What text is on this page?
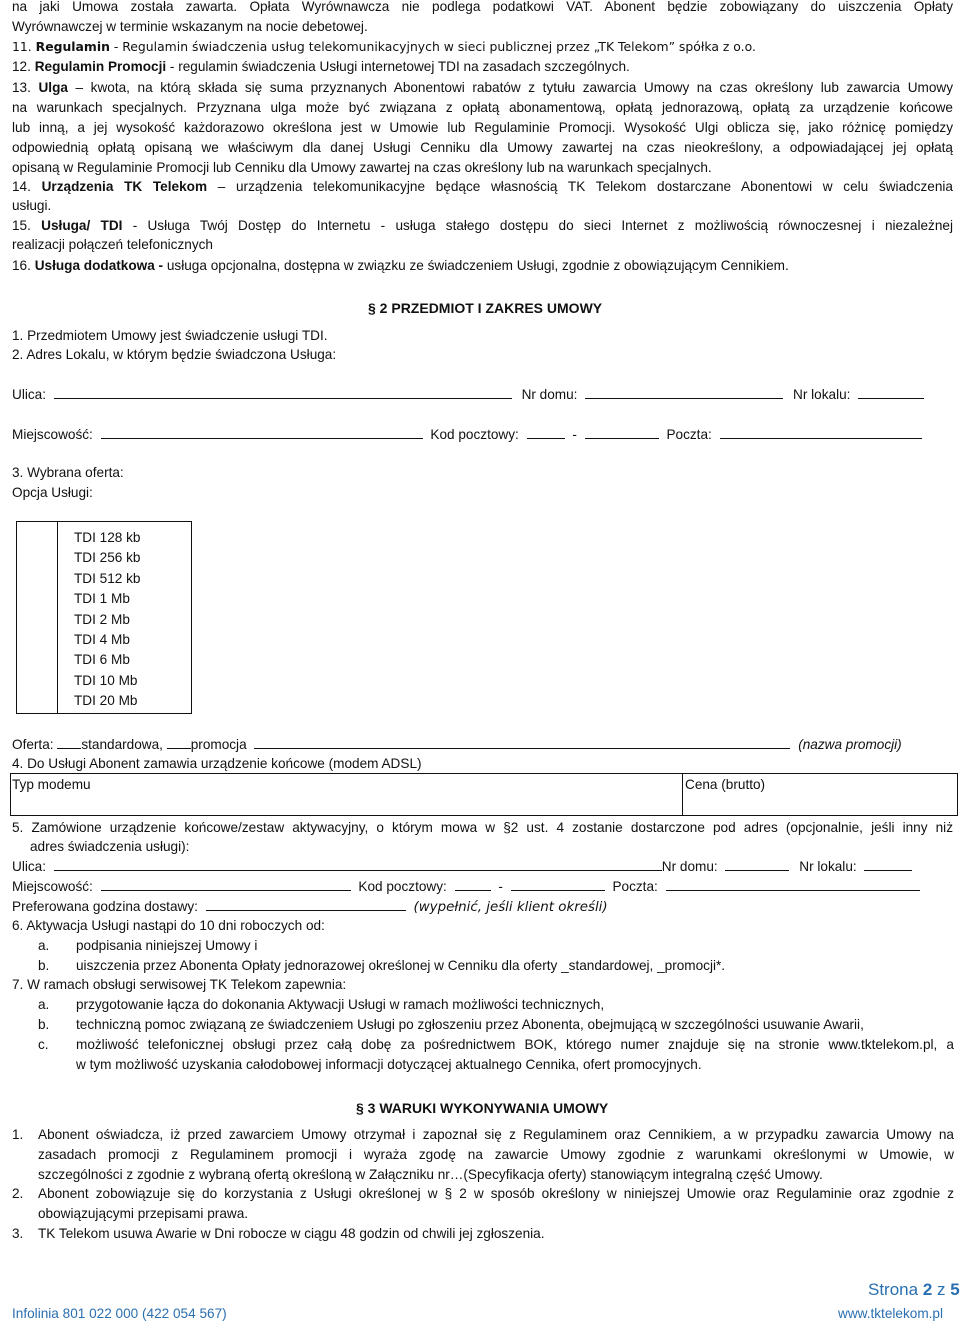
na jaki Umowa została zawarta. Opłata Wyrównawcza nie podlega podatkowi VAT. Abonent będzie zobowiązany do uiszczenia Opłaty
Wyrównawczej w terminie wskazanym na nocie debetowej.
11. Regulamin - Regulamin świadczenia usług telekomunikacyjnych w sieci publicznej przez „TK Telekom” spółka z o.o.
12. Regulamin Promocji - regulamin świadczenia Usługi internetowej TDI na zasadach szczególnych.
13. Ulga – kwota, na którą składa się suma przyznanych Abonentowi rabatów z tytułu zawarcia Umowy na czas określony lub zawarcia Umowy
na warunkach specjalnych. Przyznana ulga może być związana z opłatą abonamentową, opłatą jednorazową, opłatą za urządzenie końcowe
lub inną, a jej wysokość każdorazowo określona jest w Umowie lub Regulaminie Promocji. Wysokość Ulgi oblicza się, jako różnicę pomiędzy
odpowiednią opłatą opisaną we właściwym dla danej Usługi Cenniku dla Umowy zawartej na czas nieokreślony, a odpowiadającej jej opłatą
opisaną w Regulaminie Promocji lub Cenniku dla Umowy zawartej na czas określony lub na warunkach specjalnych.
14. Urządzenia TK Telekom – urządzenia telekomunikacyjne będące własnością TK Telekom dostarczane Abonentowi w celu świadczenia
usługi.
15. Usługa/ TDI - Usługa Twój Dostęp do Internetu - usługa stałego dostępu do sieci Internet z możliwością równoczesnej i niezależnej
realizacji połączeń telefonicznych
16. Usługa dodatkowa - usługa opcjonalna, dostępna w związku ze świadczeniem Usługi, zgodnie z obowiązującym Cennikiem.
§ 2 PRZEDMIOT I ZAKRES UMOWY
1. Przedmiotem Umowy jest świadczenie usługi TDI.
2. Adres Lokalu, w którym będzie świadczona Usługa:
Ulica:	Nr domu:	Nr lokalu:
Miejscowość:	Kod pocztowy:	-	Poczta:
3. Wybrana oferta:
Opcja Usługi:
TDI 128 kb
TDI 256 kb
TDI 512 kb
TDI 1 Mb
TDI 2 Mb
TDI 4 Mb
TDI 6 Mb
TDI 10 Mb
TDI 20 Mb
Oferta: standardowa, promocja	(nazwa promocji)
4. Do Usługi Abonent zamawia urządzenie końcowe (modem ADSL)
Typ modemu	Cena (brutto)
5. Zamówione urządzenie końcowe/zestaw aktywacyjny, o którym mowa w §2 ust. 4 zostanie dostarczone pod adres (opcjonalnie, jeśli inny niż
adres świadczenia usługi):
Ulica:	Nr domu:	Nr lokalu:
Miejscowość:	Kod pocztowy:	-	Poczta:
Preferowana godzina dostawy:	(wypełnić, jeśli klient określi)
6. Aktywacja Usługi nastąpi do 10 dni roboczych od:
a. podpisania niniejszej Umowy i
b. uiszczenia przez Abonenta Opłaty jednorazowej określonej w Cenniku dla oferty _standardowej, _promocji*.
7. W ramach obsługi serwisowej TK Telekom zapewnia:
a. przygotowanie łącza do dokonania Aktywacji Usługi w ramach możliwości technicznych,
b. techniczną pomoc związaną ze świadczeniem Usługi po zgłoszeniu przez Abonenta, obejmującą w szczególności usuwanie Awarii,
c. możliwość telefonicznej obsługi przez całą dobę za pośrednictwem BOK, którego numer znajduje się na stronie www.tktelekom.pl, a
w tym możliwość uzyskania całodobowej informacji dotyczącej aktualnego Cennika, ofert promocyjnych.
§ 3 WARUKI WYKONYWANIA UMOWY
1. Abonent oświadcza, iż przed zawarciem Umowy otrzymał i zapoznał się z Regulaminem oraz Cennikiem, a w przypadku zawarcia Umowy na
zasadach promocji z Regulaminem promocji i wyraża zgodę na zawarcie Umowy zgodnie z warunkami określonymi w Umowie, w
szczególności z zgodnie z wybraną ofertą określoną w Załączniku nr…(Specyfikacja oferty) stanowiącym integralną część Umowy.
2. Abonent zobowiązuje się do korzystania z Usługi określonej w § 2 w sposób określony w niniejszej Umowie oraz Regulaminie oraz zgodnie z
obowiązującymi przepisami prawa.
3. TK Telekom usuwa Awarie w Dni robocze w ciągu 48 godzin od chwili jej zgłoszenia.
Strona 2 z 5
Infolinia 801 022 000 (422 054 567)	www.tktelekom.pl
